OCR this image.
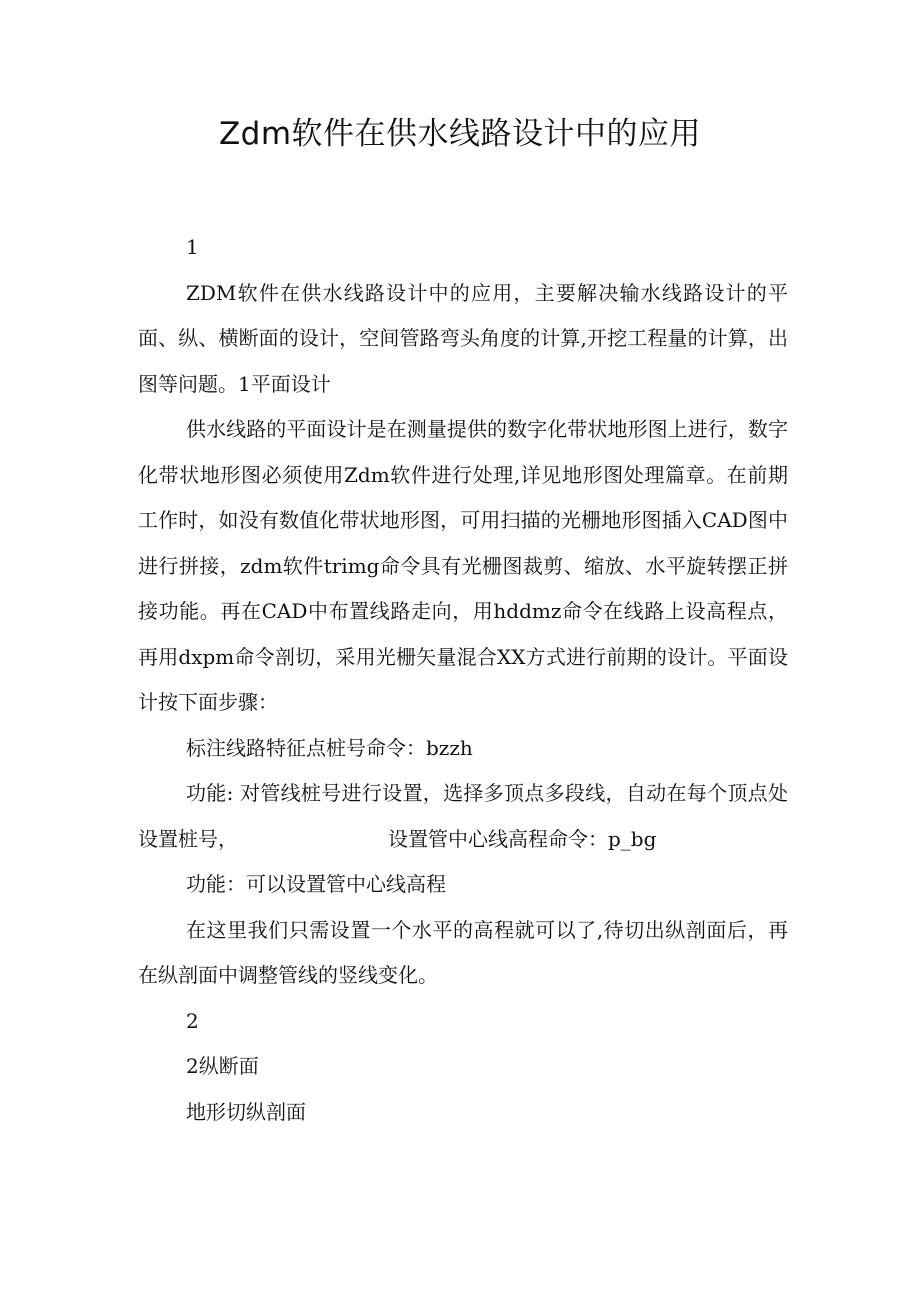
Zdm软件在供水线路设计中的应用

1

ZDM软件在供水线路设计中的应用，主要解决输水线路设计的平面、纵、横断面的设计，空间管路弯头角度的计算,开挖工程量的计算，出图等问题。1平面设计

供水线路的平面设计是在测量提供的数字化带状地形图上进行，数字化带状地形图必须使用Zdm软件进行处理,详见地形图处理篇章。在前期工作时，如没有数值化带状地形图，可用扫描的光栅地形图插入CAD图中进行拼接，zdm软件trimg命令具有光栅图裁剪、缩放、水平旋转摆正拼接功能。再在CAD中布置线路走向，用hddmz命令在线路上设高程点，再用dxpm命令剖切，采用光栅矢量混合XX方式进行前期的设计。平面设计按下面步骤：

标注线路特征点桩号命令：bzzh

功能: 对管线桩号进行设置，选择多顶点多段线，自动在每个顶点处设置桩号，	设置管中心线高程命令：p_bg

功能：可以设置管中心线高程

在这里我们只需设置一个水平的高程就可以了,待切出纵剖面后，再在纵剖面中调整管线的竖线变化。

2

2纵断面

地形切纵剖面
